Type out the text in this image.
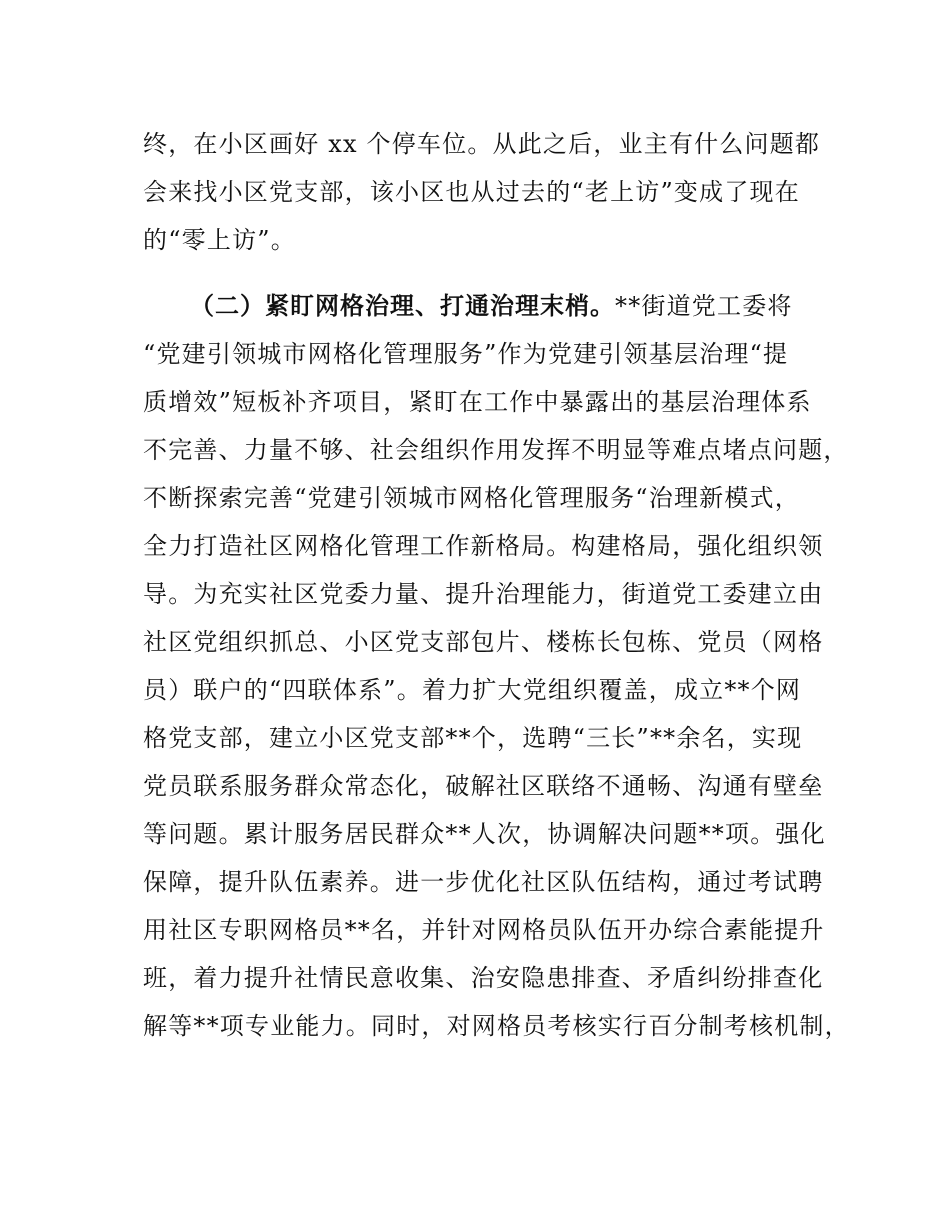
终，在小区画好 xx 个停车位。从此之后，业主有什么问题都
会来找小区党支部，该小区也从过去的“老上访”变成了现在
的“零上访”。
（二）紧盯网格治理、打通治理末梢。**街道党工委将
“党建引领城市网格化管理服务”作为党建引领基层治理“提
质增效”短板补齐项目，紧盯在工作中暴露出的基层治理体系
不完善、力量不够、社会组织作用发挥不明显等难点堵点问题，
不断探索完善“党建引领城市网格化管理服务“治理新模式，
全力打造社区网格化管理工作新格局。构建格局，强化组织领
导。为充实社区党委力量、提升治理能力，街道党工委建立由
社区党组织抓总、小区党支部包片、楼栋长包栋、党员（网格
员）联户的“四联体系”。着力扩大党组织覆盖，成立**个网
格党支部，建立小区党支部**个，选聘“三长”**余名，实现
党员联系服务群众常态化，破解社区联络不通畅、沟通有壁垒
等问题。累计服务居民群众**人次，协调解决问题**项。强化
保障，提升队伍素养。进一步优化社区队伍结构，通过考试聘
用社区专职网格员**名，并针对网格员队伍开办综合素能提升
班，着力提升社情民意收集、治安隐患排查、矛盾纠纷排查化
解等**项专业能力。同时，对网格员考核实行百分制考核机制，
